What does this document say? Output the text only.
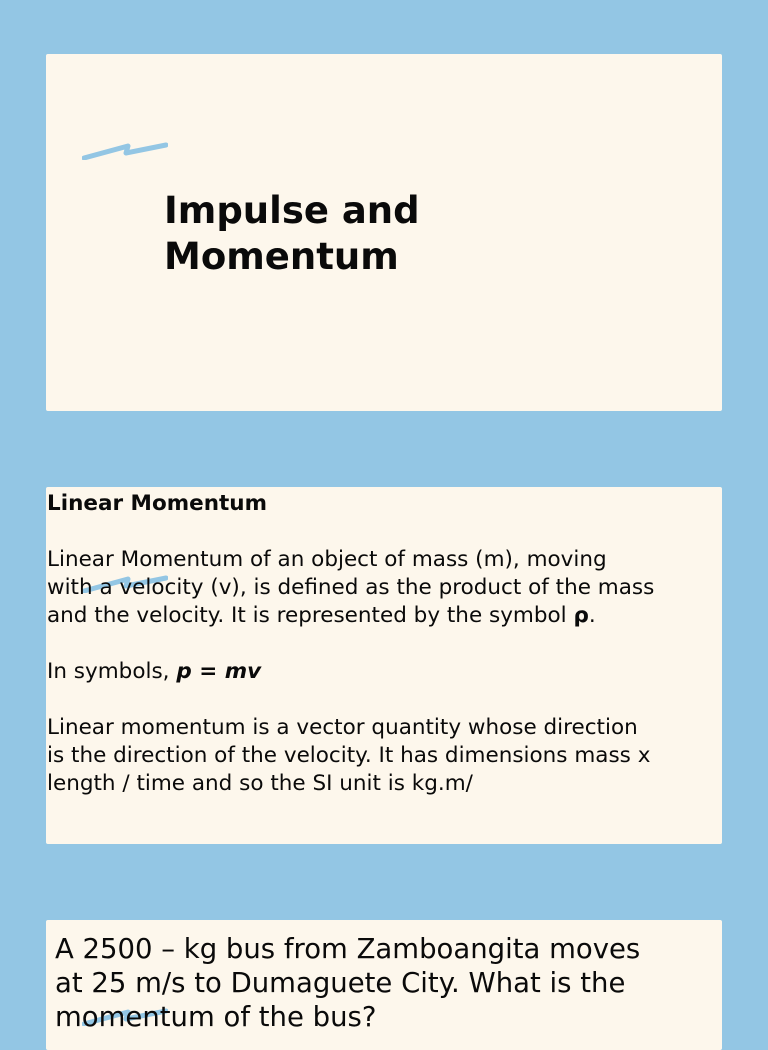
Impulse and
Momentum

Linear Momentum

Linear Momentum of an object of mass (m), moving
with a velocity (v), is defined as the product of the mass
and the velocity. It is represented by the symbol ρ.

In symbols, p = mv

Linear momentum is a vector quantity whose direction
is the direction of the velocity. It has dimensions mass x
length / time and so the SI unit is kg.m/

A 2500 – kg bus from Zamboangita moves
at 25 m/s to Dumaguete City. What is the
momentum of the bus?
